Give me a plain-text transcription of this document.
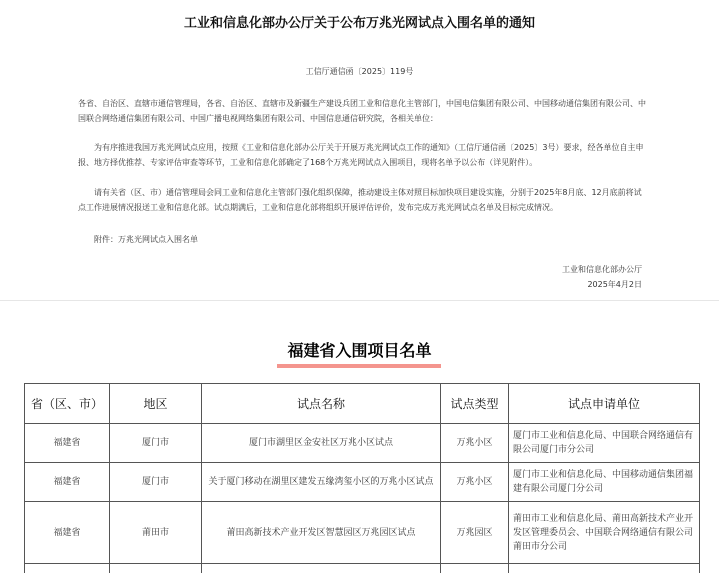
工业和信息化部办公厅关于公布万兆光网试点入围名单的通知
工信厅通信函〔2025〕119号
各省、自治区、直辖市通信管理局，各省、自治区、直辖市及新疆生产建设兵团工业和信息化主管部门，中国电信集团有限公司、中国移动通信集团有限公司、中国联合网络通信集团有限公司、中国广播电视网络集团有限公司、中国信息通信研究院，各相关单位：
为有序推进我国万兆光网试点应用，按照《工业和信息化部办公厅关于开展万兆光网试点工作的通知》（工信厅通信函〔2025〕3号）要求，经各单位自主申报、地方择优推荐、专家评估审查等环节，工业和信息化部确定了168个万兆光网试点入围项目，现将名单予以公布（详见附件）。
请有关省（区、市）通信管理局会同工业和信息化主管部门强化组织保障，推动建设主体对照目标加快项目建设实施，分别于2025年8月底、12月底前将试点工作进展情况报送工业和信息化部。试点期满后，工业和信息化部将组织开展评估评价，发布完成万兆光网试点名单及目标完成情况。
附件：万兆光网试点入围名单
工业和信息化部办公厅
2025年4月2日
福建省入围项目名单
省（区、市）	地区	试点名称	试点类型	试点申请单位
福建省	厦门市	厦门市湖里区金安社区万兆小区试点	万兆小区	厦门市工业和信息化局、中国联合网络通信有限公司厦门市分公司
福建省	厦门市	关于厦门移动在湖里区建发五缘湾玺小区的万兆小区试点	万兆小区	厦门市工业和信息化局、中国移动通信集团福建有限公司厦门分公司
福建省	莆田市	莆田高新技术产业开发区智慧园区万兆园区试点	万兆园区	莆田市工业和信息化局、莆田高新技术产业开发区管理委员会、中国联合网络通信有限公司莆田市分公司
